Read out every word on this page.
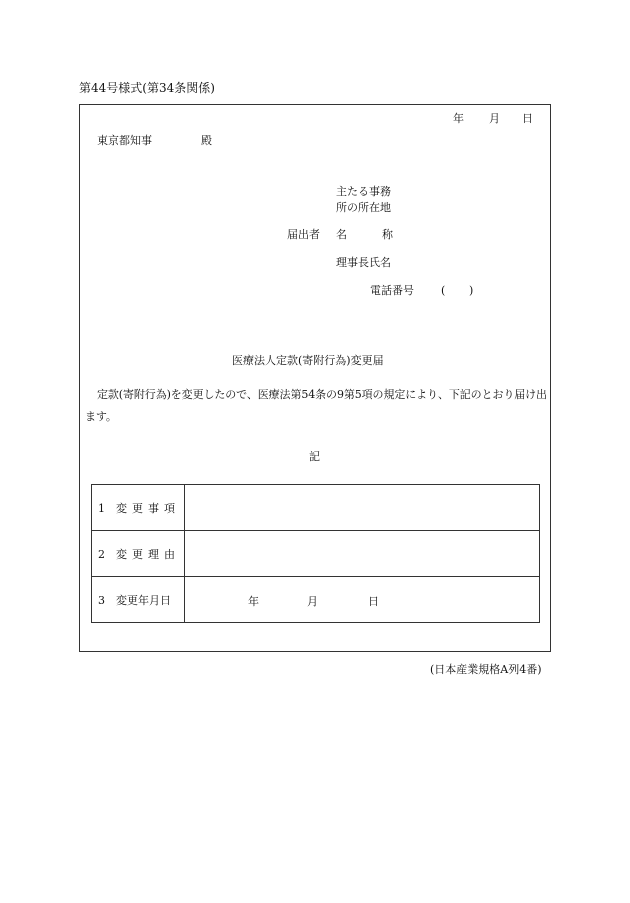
第44号様式(第34条関係)
年 月 日
東京都知事	殿
主たる事務
所の所在地
届出者 名	称
理事長氏名
電話番号 ( )
医療法人定款(寄附行為)変更届
定款(寄附行為)を変更したので、医療法第54条の9第5項の規定により、下記のとおり届け出ます。
記
1 変更事項	
2 変更理由	
3 変更年月日	年 月 日
(日本産業規格A列4番)
